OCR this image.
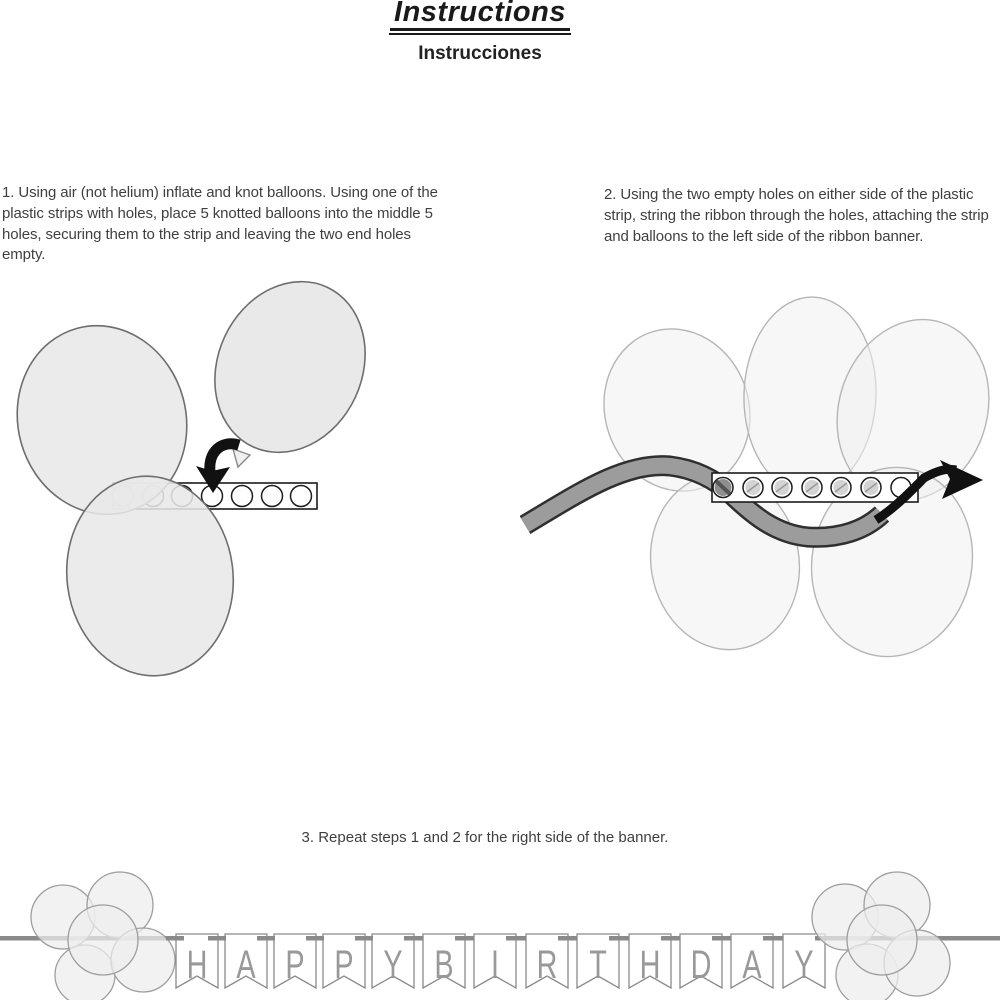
Instructions
Instrucciones
1. Using air (not helium) inflate and knot balloons. Using one of the plastic strips with holes, place 5 knotted balloons into the middle 5 holes, securing them to the strip and leaving the two end holes empty.
2. Using the two empty holes on either side of the plastic strip, string the ribbon through the holes, attaching the strip and balloons to the left side of the ribbon banner.
3. Repeat steps 1 and 2 for the right side of the banner.
H A P P Y B I R T H D A Y
